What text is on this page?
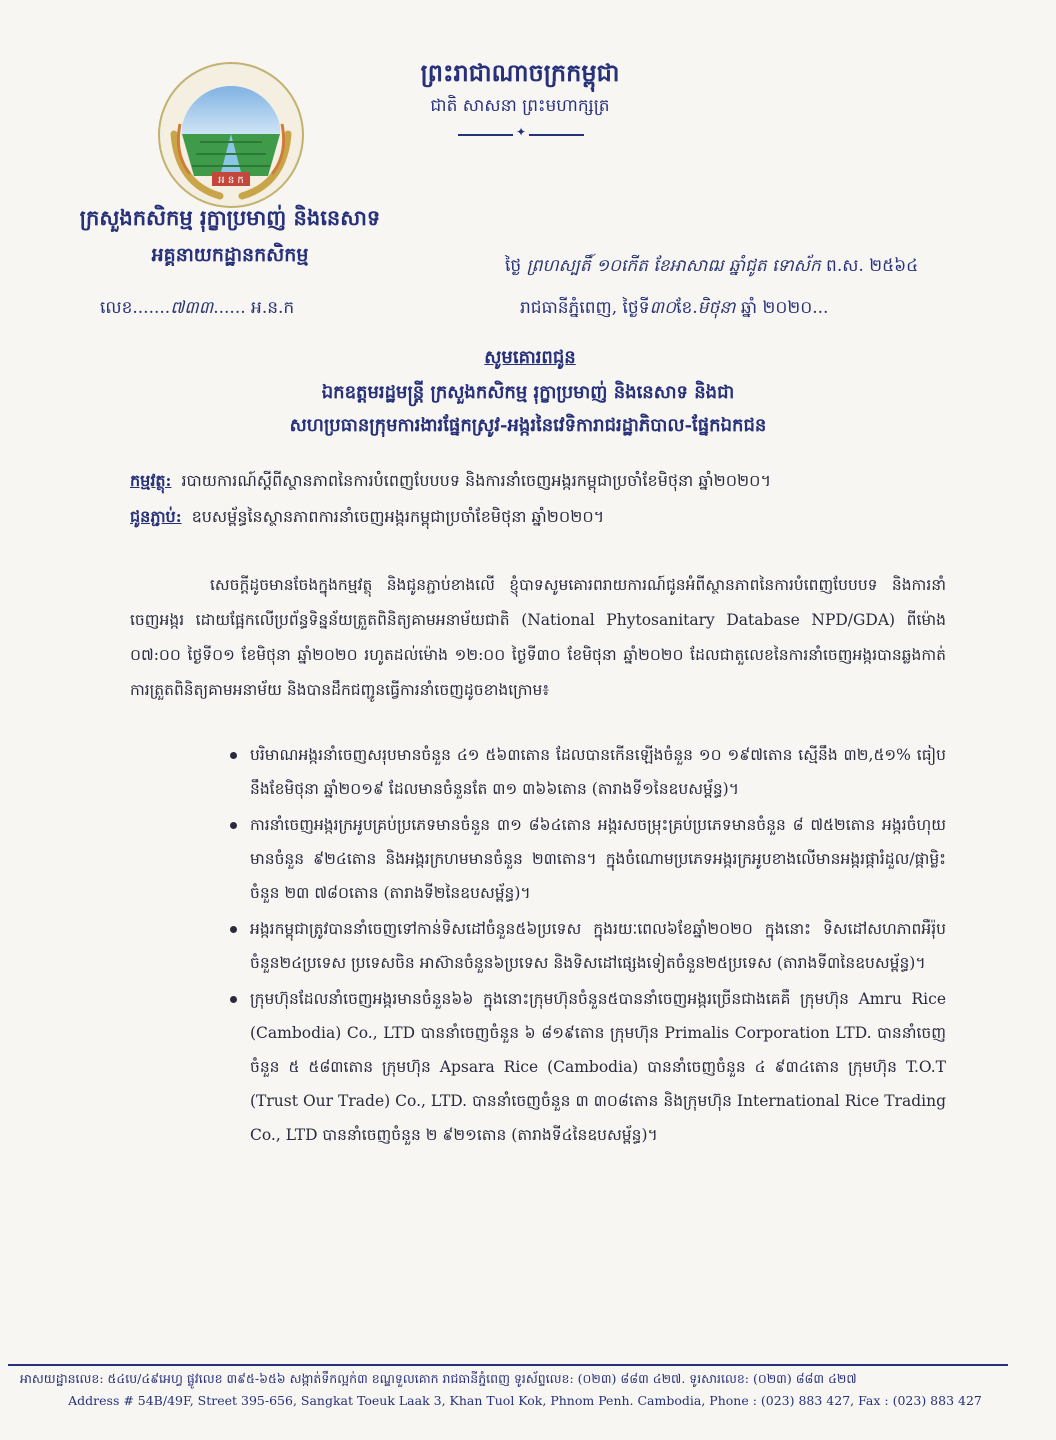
អ ន ក
ព្រះរាជាណាចក្រកម្ពុជា
ជាតិ សាសនា ព្រះមហាក្សត្រ
✦
ក្រសួងកសិកម្ម រុក្ខាប្រមាញ់ និងនេសាទ
អគ្គនាយកដ្ឋានកសិកម្ម
លេខ.......៧៣៣...... អ.ន.ក
ថ្ងៃ ព្រហស្បតិ៍ ១០កើត ខែអាសាឍ ឆ្នាំជូត ទោស័ក ព.ស. ២៥៦៤
រាជធានីភ្នំពេញ, ថ្ងៃទី៣០ខែ.មិថុនា ឆ្នាំ ២០២០...
សូមគោរពជូន
ឯកឧត្តមរដ្ឋមន្ត្រី ក្រសួងកសិកម្ម រុក្ខាប្រមាញ់ និងនេសាទ និងជា
សហប្រធានក្រុមការងារផ្នែកស្រូវ-អង្ករនៃវេទិការាជរដ្ឋាភិបាល-ផ្នែកឯកជន
កម្មវត្ថុ: របាយការណ៍ស្តីពីស្ថានភាពនៃការបំពេញបែបបទ និងការនាំចេញអង្ករកម្ពុជាប្រចាំខែមិថុនា ឆ្នាំ២០២០។
ជូនភ្ជាប់: ឧបសម្ព័ន្ធនៃស្ថានភាពការនាំចេញអង្ករកម្ពុជាប្រចាំខែមិថុនា ឆ្នាំ២០២០។
សេចក្តីដូចមានចែងក្នុងកម្មវត្ថុ និងជូនភ្ជាប់ខាងលើ ខ្ញុំបាទសូមគោរពរាយការណ៍ជូនអំពីស្ថានភាពនៃការបំពេញបែបបទ និងការនាំចេញអង្ករ ដោយផ្អែកលើប្រព័ន្ធទិន្នន័យត្រួតពិនិត្យគាមអនាម័យជាតិ (National Phytosanitary Database NPD/GDA) ពីម៉ោង ០៧:០០ ថ្ងៃទី០១ ខែមិថុនា ឆ្នាំ២០២០ រហូតដល់ម៉ោង ១២:០០ ថ្ងៃទី៣០ ខែមិថុនា ឆ្នាំ២០២០ ដែលជាតួលេខនៃការនាំចេញអង្ករបានឆ្លងកាត់ការត្រួតពិនិត្យគាមអនាម័យ និងបានដឹកជញ្ជូនធ្វើការនាំចេញដូចខាងក្រោម៖
បរិមាណអង្ករនាំចេញសរុបមានចំនួន ៤១ ៥៦៣តោន ដែលបានកើនឡើងចំនួន ១០ ១៩៧តោន ស្មើនឹង ៣២,៥១% ធៀបនឹងខែមិថុនា ឆ្នាំ២០១៩ ដែលមានចំនួនតែ ៣១ ៣៦៦តោន (តារាងទី១នៃឧបសម្ព័ន្ធ)។
ការនាំចេញអង្ករក្រអូបគ្រប់ប្រភេទមានចំនួន ៣១ ៨៦៤តោន អង្ករសចម្រុះគ្រប់ប្រភេទមានចំនួន ៨ ៧៥២តោន អង្ករចំហុយមានចំនួន ៩២៤តោន និងអង្ករក្រហមមានចំនួន ២៣តោន។ ក្នុងចំណោមប្រភេទអង្ករក្រអូបខាងលើមានអង្ករផ្ការំដួល/ផ្កាម្លិះចំនួន ២៣ ៧៨០តោន (តារាងទី២នៃឧបសម្ព័ន្ធ)។
អង្ករកម្ពុជាត្រូវបាននាំចេញទៅកាន់ទិសដៅចំនួន៥៦ប្រទេស ក្នុងរយៈពេល៦ខែឆ្នាំ២០២០ ក្នុងនោះ ទិសដៅសហភាពអឺរ៉ុបចំនួន២៤ប្រទេស ប្រទេសចិន អាស៊ានចំនួន៦ប្រទេស និងទិសដៅផ្សេងទៀតចំនួន២៥ប្រទេស (តារាងទី៣នៃឧបសម្ព័ន្ធ)។
ក្រុមហ៊ុនដែលនាំចេញអង្ករមានចំនួន៦៦ ក្នុងនោះក្រុមហ៊ុនចំនួន៥បាននាំចេញអង្ករច្រើនជាងគេគឺ ក្រុមហ៊ុន Amru Rice (Cambodia) Co., LTD បាននាំចេញចំនួន ៦ ៨១៩តោន ក្រុមហ៊ុន Primalis Corporation LTD. បាននាំចេញចំនួន ៥ ៥៨៣តោន ក្រុមហ៊ុន Apsara Rice (Cambodia) បាននាំចេញចំនួន ៤ ៩៣៤តោន ក្រុមហ៊ុន T.O.T (Trust Our Trade) Co., LTD. បាននាំចេញចំនួន ៣ ៣០៨តោន និងក្រុមហ៊ុន International Rice Trading Co., LTD បាននាំចេញចំនួន ២ ៩២១តោន (តារាងទី៤នៃឧបសម្ព័ន្ធ)។
អាសយដ្ឋានលេខ: ៥៤បេ/៤៩អេហ្វ ផ្លូវលេខ ៣៩៥-៦៥៦ សង្កាត់ទឹកល្អក់៣ ខណ្ឌទួលគោក រាជធានីភ្នំពេញ ទូរស័ព្ទលេខ: (០២៣) ៨៨៣ ៤២៧. ទូរសារលេខ: (០២៣) ៨៨៣ ៤២៧
Address # 54B/49F, Street 395-656, Sangkat Toeuk Laak 3, Khan Tuol Kok, Phnom Penh. Cambodia, Phone : (023) 883 427, Fax : (023) 883 427
